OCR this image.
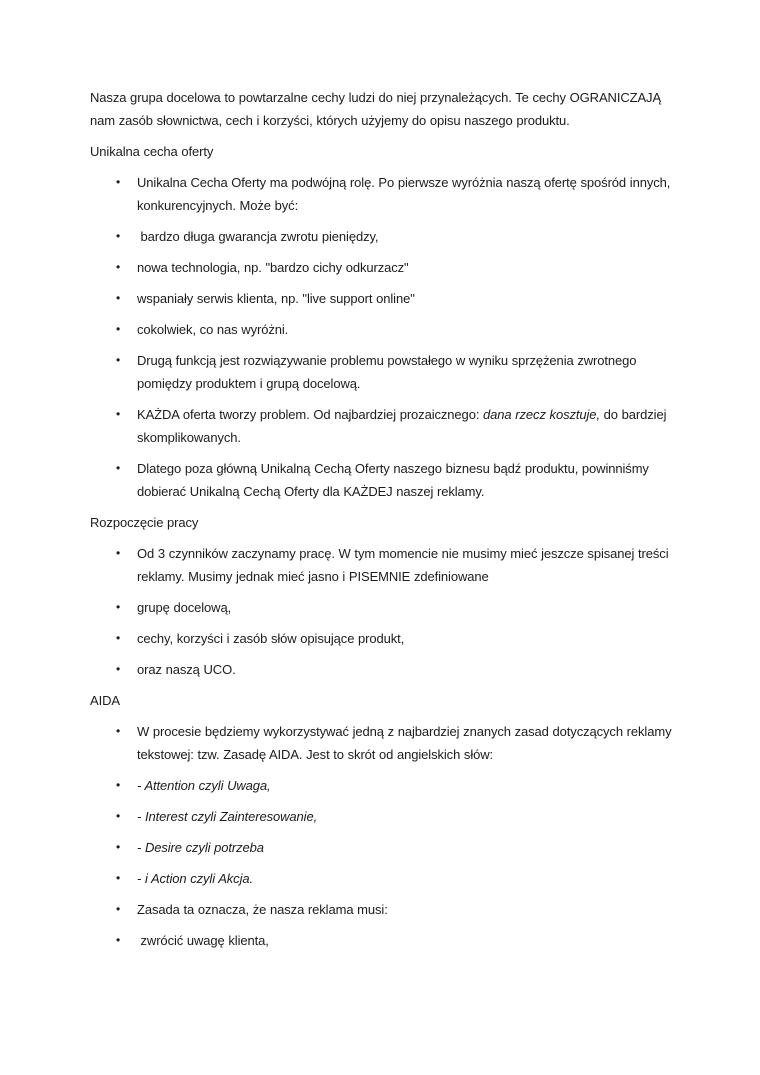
Nasza grupa docelowa to powtarzalne cechy ludzi do niej przynależących. Te cechy OGRANICZAJĄ nam zasób słownictwa, cech i korzyści, których użyjemy do opisu naszego produktu.
Unikalna cecha oferty
• Unikalna Cecha Oferty ma podwójną rolę. Po pierwsze wyróżnia naszą ofertę spośród innych, konkurencyjnych. Może być:
• bardzo długa gwarancja zwrotu pieniędzy,
• nowa technologia, np. "bardzo cichy odkurzacz"
• wspaniały serwis klienta, np. "live support online"
• cokolwiek, co nas wyróżni.
• Drugą funkcją jest rozwiązywanie problemu powstałego w wyniku sprzężenia zwrotnego pomiędzy produktem i grupą docelową.
• KAŻDA oferta tworzy problem. Od najbardziej prozaicznego: dana rzecz kosztuje, do bardziej skomplikowanych.
• Dlatego poza główną Unikalną Cechą Oferty naszego biznesu bądź produktu, powinniśmy dobierać Unikalną Cechą Oferty dla KAŻDEJ naszej reklamy.
Rozpoczęcie pracy
• Od 3 czynników zaczynamy pracę. W tym momencie nie musimy mieć jeszcze spisanej treści reklamy. Musimy jednak mieć jasno i PISEMNIE zdefiniowane
• grupę docelową,
• cechy, korzyści i zasób słów opisujące produkt,
• oraz naszą UCO.
AIDA
• W procesie będziemy wykorzystywać jedną z najbardziej znanych zasad dotyczących reklamy tekstowej: tzw. Zasadę AIDA. Jest to skrót od angielskich słów:
• - Attention czyli Uwaga,
• - Interest czyli Zainteresowanie,
• - Desire czyli potrzeba
• - i Action czyli Akcja.
• Zasada ta oznacza, że nasza reklama musi:
• zwrócić uwagę klienta,
